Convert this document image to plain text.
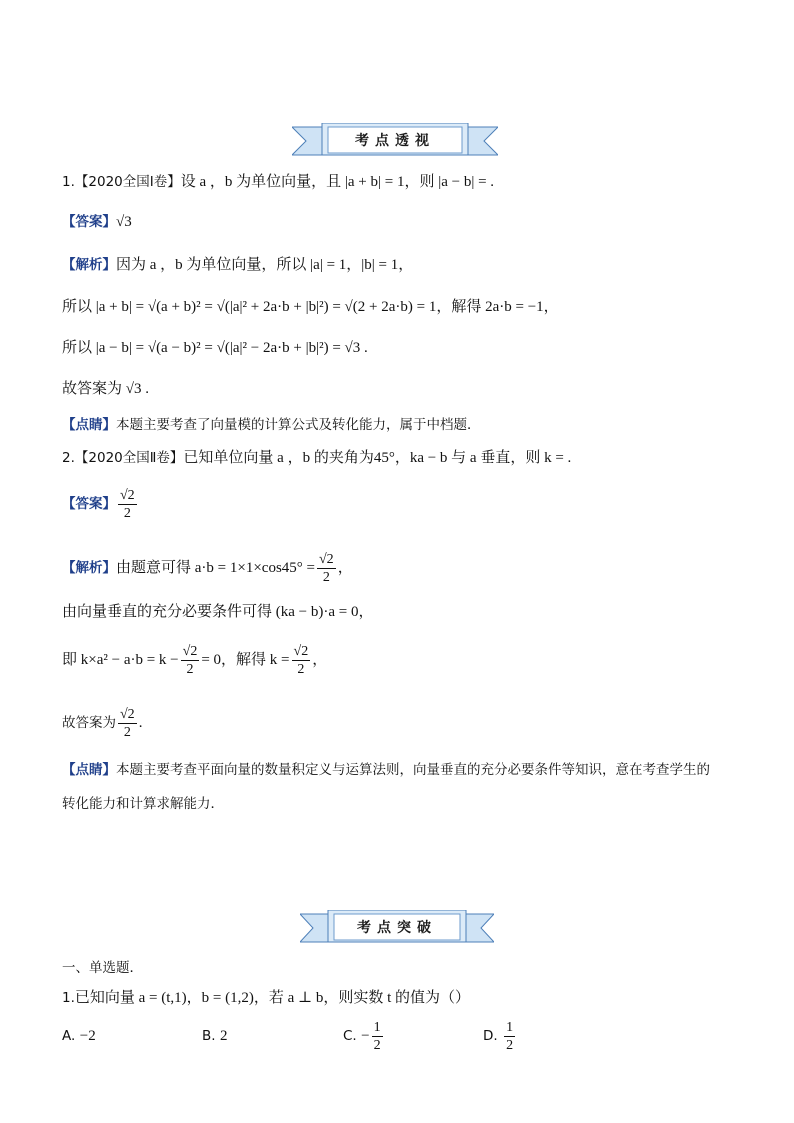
考点透视
1.【2020全国Ⅰ卷】设 a ，b 为单位向量，且 |a + b| = 1，则 |a − b| = .
【答案】√3
【解析】因为 a ，b 为单位向量，所以 |a| = 1，|b| = 1，
所以 |a + b| = √(a + b)² = √(|a|² + 2a·b + |b|²) = √(2 + 2a·b) = 1，解得 2a·b = −1，
所以 |a − b| = √(a − b)² = √(|a|² − 2a·b + |b|²) = √3 .
故答案为 √3 .
【点睛】本题主要考查了向量模的计算公式及转化能力，属于中档题．
2.【2020全国Ⅱ卷】已知单位向量 a ，b 的夹角为45°，ka − b 与 a 垂直，则 k = .
【答案】 $\frac{√2}{2}$
【解析】由题意可得 $a\cdot b = 1\times 1\times\cos 45^\circ = \frac{√2}{2}$ ，
由向量垂直的充分必要条件可得 (ka − b)·a = 0，
即 $k\times a^2 - a\cdot b = k - \frac{√2}{2} = 0$，解得 $k = \frac{√2}{2}$ ，
故答案为 $\frac{√2}{2}$ .
【点睛】本题主要考查平面向量的数量积定义与运算法则，向量垂直的充分必要条件等知识，意在考查学生的
转化能力和计算求解能力．
考点突破
一、单选题．
1.已知向量 a = (t,1)，b = (1,2)，若 a ⊥ b，则实数 t 的值为（）
A. −2	B. 2	C. − $\frac{1}{2}$	D. $\frac{1}{2}$
